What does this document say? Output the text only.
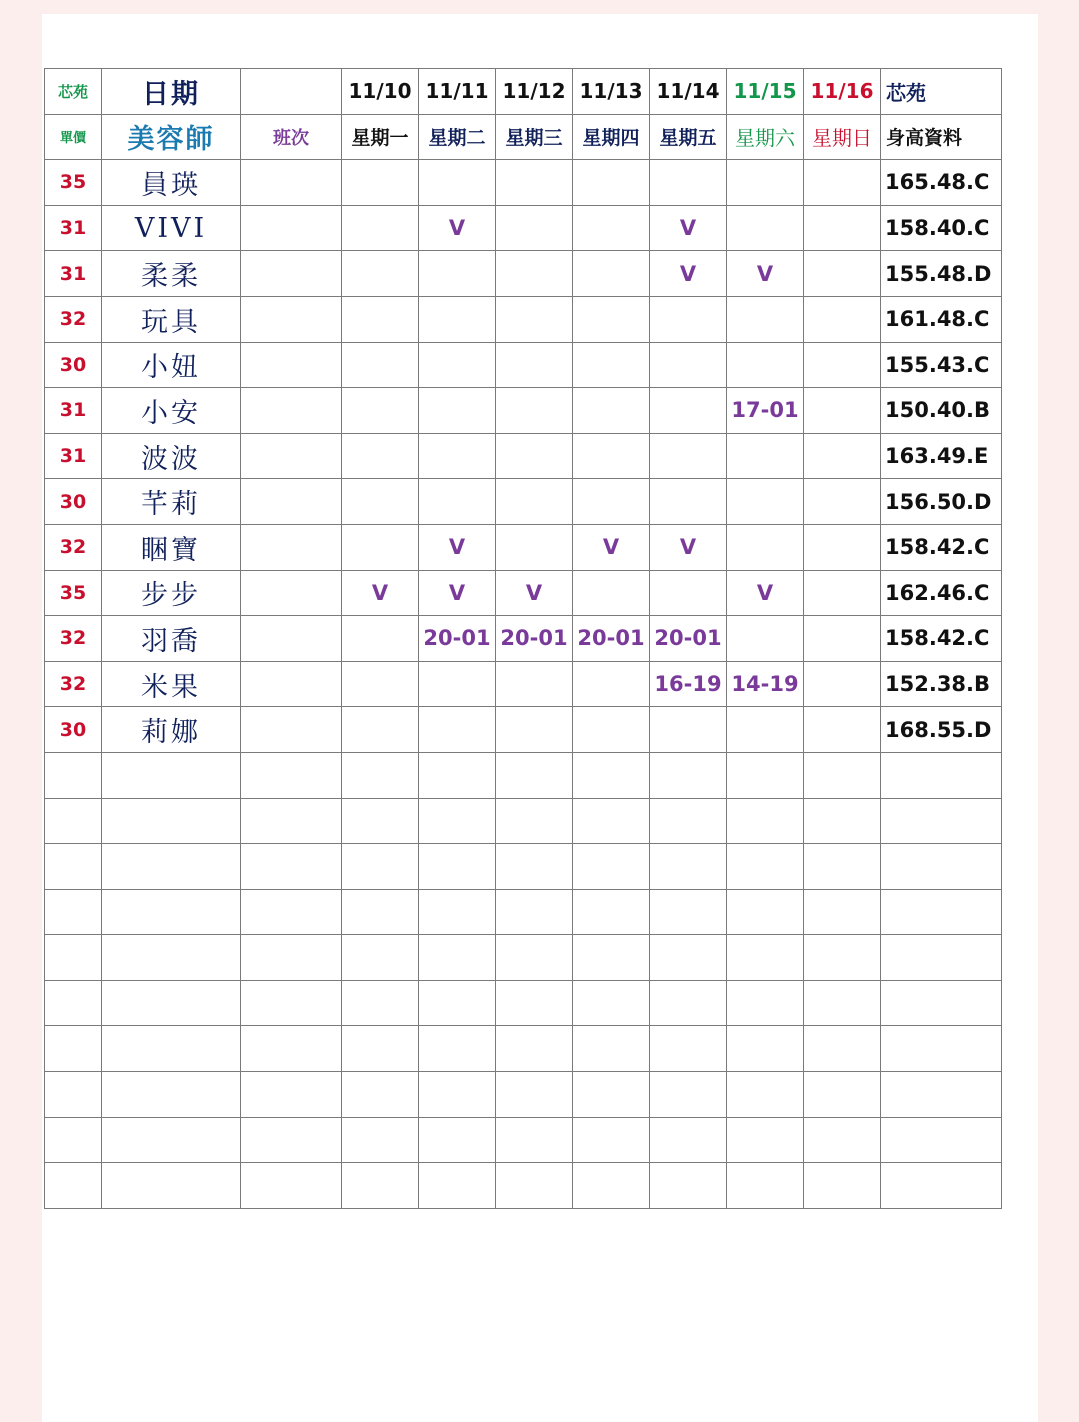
芯苑	日期		11/10	11/11	11/12	11/13	11/14	11/15	11/16	芯苑
單價	美容師	班次	星期一	星期二	星期三	星期四	星期五	星期六	星期日	身高資料
35	員瑛									165.48.C
31	VIVI			V			V			158.40.C
31	柔柔						V	V		155.48.D
32	玩具									161.48.C
30	小妞									155.43.C
31	小安							17-01		150.40.B
31	波波									163.49.E
30	芊莉									156.50.D
32	睏寶			V		V	V			158.42.C
35	步步		V	V	V			V		162.46.C
32	羽喬			20-01	20-01	20-01	20-01			158.42.C
32	米果						16-19	14-19		152.38.B
30	莉娜									168.55.D
